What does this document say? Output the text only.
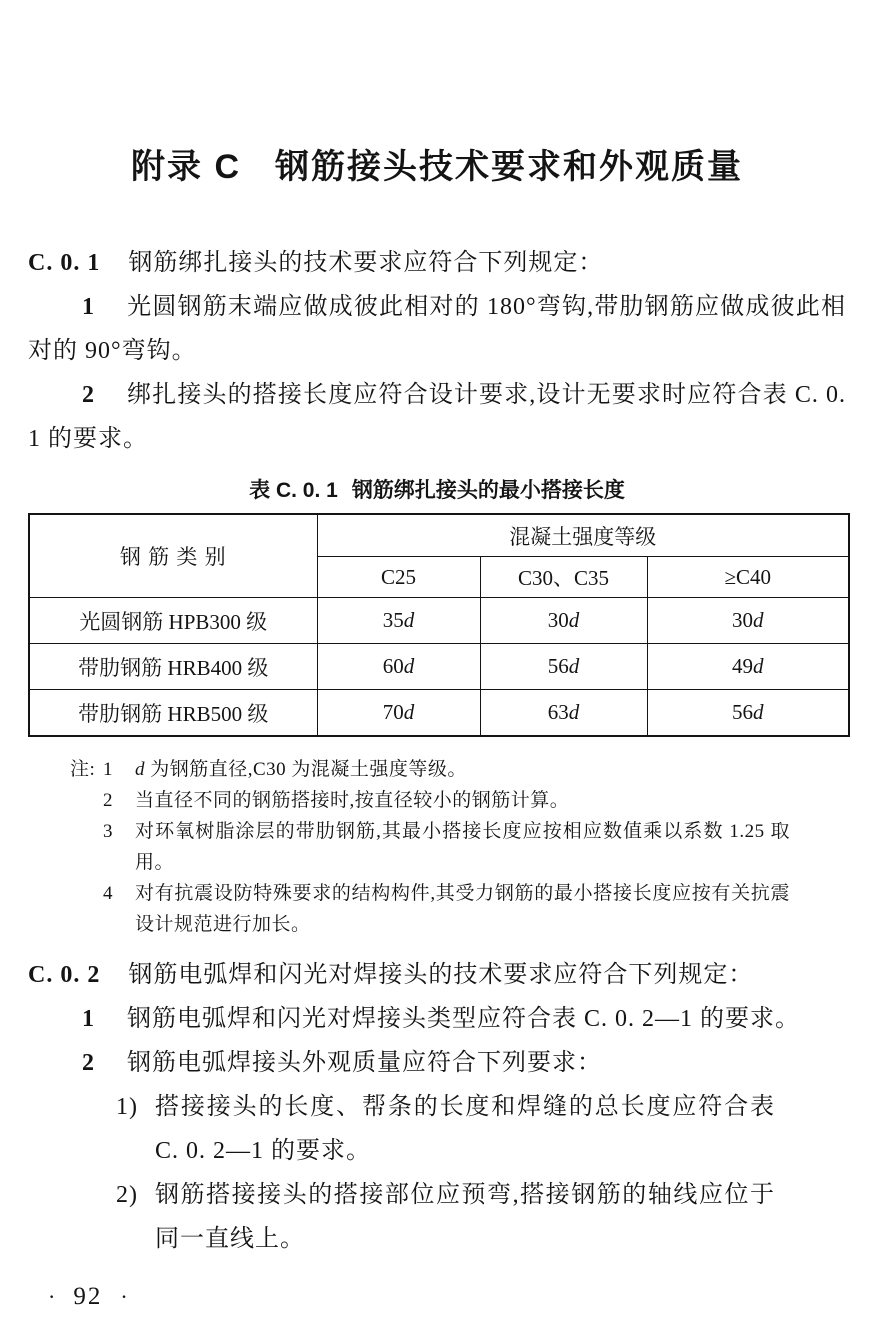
附录 C 钢筋接头技术要求和外观质量

C. 0. 1 钢筋绑扎接头的技术要求应符合下列规定：

1 光圆钢筋末端应做成彼此相对的 180°弯钩,带肋钢筋应做成彼此相对的 90°弯钩。

2 绑扎接头的搭接长度应符合设计要求,设计无要求时应符合表 C. 0. 1 的要求。

表 C. 0. 1 钢筋绑扎接头的最小搭接长度
钢 筋 类 别	混凝土强度等级		
	C25	C30、C35	≥C40
光圆钢筋 HPB300 级	35d	30d	30d
带肋钢筋 HRB400 级	60d	56d	49d
带肋钢筋 HRB500 级	70d	63d	56d
注: 1	d 为钢筋直径,C30 为混凝土强度等级。
2	当直径不同的钢筋搭接时,按直径较小的钢筋计算。
3	对环氧树脂涂层的带肋钢筋,其最小搭接长度应按相应数值乘以系数 1.25 取用。
4	对有抗震设防特殊要求的结构构件,其受力钢筋的最小搭接长度应按有关抗震设计规范进行加长。

C. 0. 2 钢筋电弧焊和闪光对焊接头的技术要求应符合下列规定：

1 钢筋电弧焊和闪光对焊接头类型应符合表 C. 0. 2—1 的要求。

2 钢筋电弧焊接头外观质量应符合下列要求：

1) 搭接接头的长度、帮条的长度和焊缝的总长度应符合表 C. 0. 2—1 的要求。
2) 钢筋搭接接头的搭接部位应预弯,搭接钢筋的轴线应位于同一直线上。
· 92 ·
